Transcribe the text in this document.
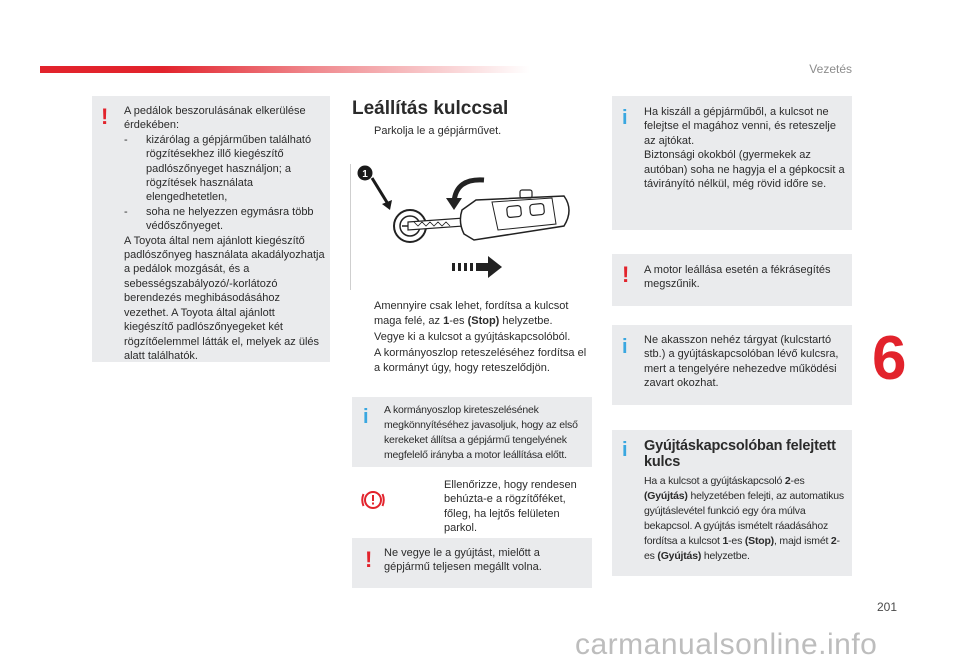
Vezetés
! A pedálok beszorulásának elkerülése érdekében:
-	kizárólag a gépjárműben található rögzítésekhez illő kiegészítő padlószőnyeget használjon; a rögzítések használata elengedhetetlen,
-	soha ne helyezzen egymásra több védőszőnyeget.
A Toyota által nem ajánlott kiegészítő padlószőnyeg használata akadályozhatja a pedálok mozgását, és a sebességszabályozó/-korlátozó berendezés meghibásodásához vezethet. A Toyota által ajánlott kiegészítő padlószőnyegeket két rögzítőelemmel látták el, melyek az ülés alatt találhatók.
Leállítás kulccsal
Parkolja le a gépjárművet.
1
Amennyire csak lehet, fordítsa a kulcsot maga felé, az 1-es (Stop) helyzetbe.
Vegye ki a kulcsot a gyújtáskapcsolóból.
A kormányoszlop reteszeléséhez fordítsa el a kormányt úgy, hogy reteszelődjön.
i A kormányoszlop kireteszelésének megkönnyítéséhez javasoljuk, hogy az első kerekeket állítsa a gépjármű tengelyének megfelelő irányba a motor leállítása előtt.
Ellenőrizze, hogy rendesen behúzta-e a rögzítőféket, főleg, ha lejtős felületen parkol.
! Ne vegye le a gyújtást, mielőtt a gépjármű teljesen megállt volna.
i Ha kiszáll a gépjárműből, a kulcsot ne felejtse el magához venni, és reteszelje az ajtókat.
Biztonsági okokból (gyermekek az autóban) soha ne hagyja el a gépkocsit a távirányító nélkül, még rövid időre se.
! A motor leállása esetén a fékrásegítés megszűnik.
i Ne akasszon nehéz tárgyat (kulcstartó stb.) a gyújtáskapcsolóban lévő kulcsra, mert a tengelyére nehezedve működési zavart okozhat.
i Gyújtáskapcsolóban felejtett kulcs
Ha a kulcsot a gyújtáskapcsoló 2-es (Gyújtás) helyzetében felejti, az automatikus gyújtáslevétel funkció egy óra múlva bekapcsol. A gyújtás ismételt ráadásához fordítsa a kulcsot 1-es (Stop), majd ismét 2-es (Gyújtás) helyzetbe.
6
201
carmanualsonline.info
